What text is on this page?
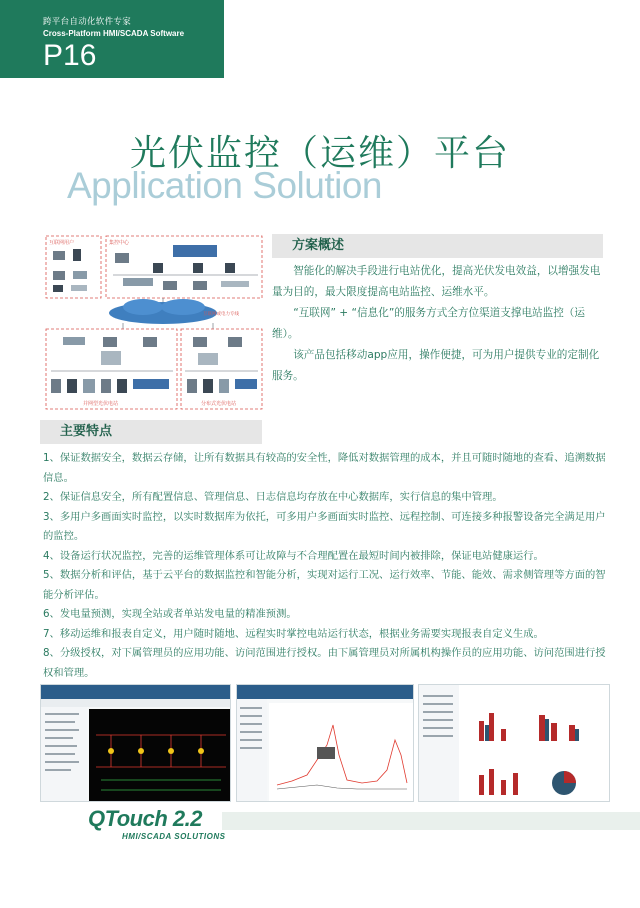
跨平台自动化软件专家
Cross-Platform HMI/SCADA Software
P16
光伏监控（运维）平台
Application Solution
互联网用户	集控中心
互联网或电力专线
并网型光伏电站	分布式光伏电站
方案概述

智能化的解决手段进行电站优化，提高光伏发电效益，以增强发电量为目的，最大限度提高电站监控、运维水平。

“互联网” + “信息化”的服务方式全方位渠道支撑电站监控（运维）。

该产品包括移动app应用，操作便捷，可为用户提供专业的定制化服务。

主要特点

1、保证数据安全，数据云存储，让所有数据具有较高的安全性，降低对数据管理的成本，并且可随时随地的查看、追溯数据信息。

2、保证信息安全，所有配置信息、管理信息、日志信息均存放在中心数据库，实行信息的集中管理。

3、多用户多画面实时监控，以实时数据库为依托，可多用户多画面实时监控、远程控制、可连接多种报警设备完全满足用户的监控。

4、设备运行状况监控，完善的运维管理体系可让故障与不合理配置在最短时间内被排除，保证电站健康运行。

5、数据分析和评估，基于云平台的数据监控和智能分析，实现对运行工况、运行效率、节能、能效、需求侧管理等方面的智能分析评估。

6、发电量预测，实现全站或者单站发电量的精准预测。

7、移动运维和报表自定义，用户随时随地、远程实时掌控电站运行状态，根据业务需要实现报表自定义生成。

8、分级授权，对下属管理员的应用功能、访问范围进行授权。由下属管理员对所属机构操作员的应用功能、访问范围进行授权和管理。

QTouch 2.2
HMI/SCADA SOLUTIONS
